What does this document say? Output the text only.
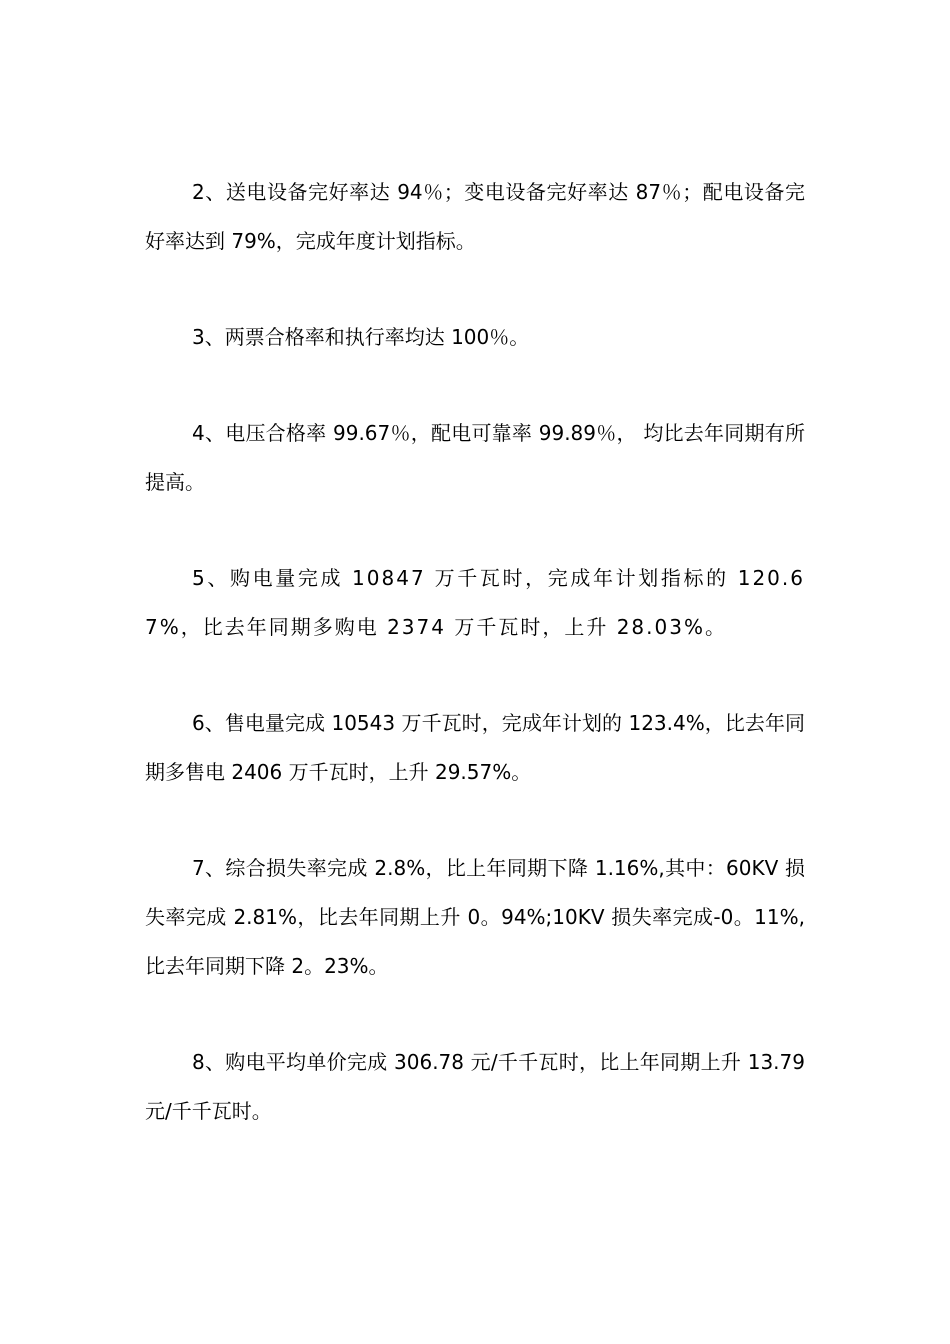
2、送电设备完好率达 94％；变电设备完好率达 87％；配电设备完好率达到 79%，完成年度计划指标。

3、两票合格率和执行率均达 100％。

4、电压合格率 99.67％，配电可靠率 99.89％， 均比去年同期有所提高。

5、购电量完成 10847 万千瓦时，完成年计划指标的 120.67%，比去年同期多购电 2374 万千瓦时，上升 28.03%。

6、售电量完成 10543 万千瓦时，完成年计划的 123.4%，比去年同期多售电 2406 万千瓦时，上升 29.57%。

7、综合损失率完成 2.8%，比上年同期下降 1.16%,其中：60KV 损失率完成 2.81%，比去年同期上升 0。94%;10KV 损失率完成-0。11%,比去年同期下降 2。23%。

8、购电平均单价完成 306.78 元/千千瓦时，比上年同期上升 13.79 元/千千瓦时。
